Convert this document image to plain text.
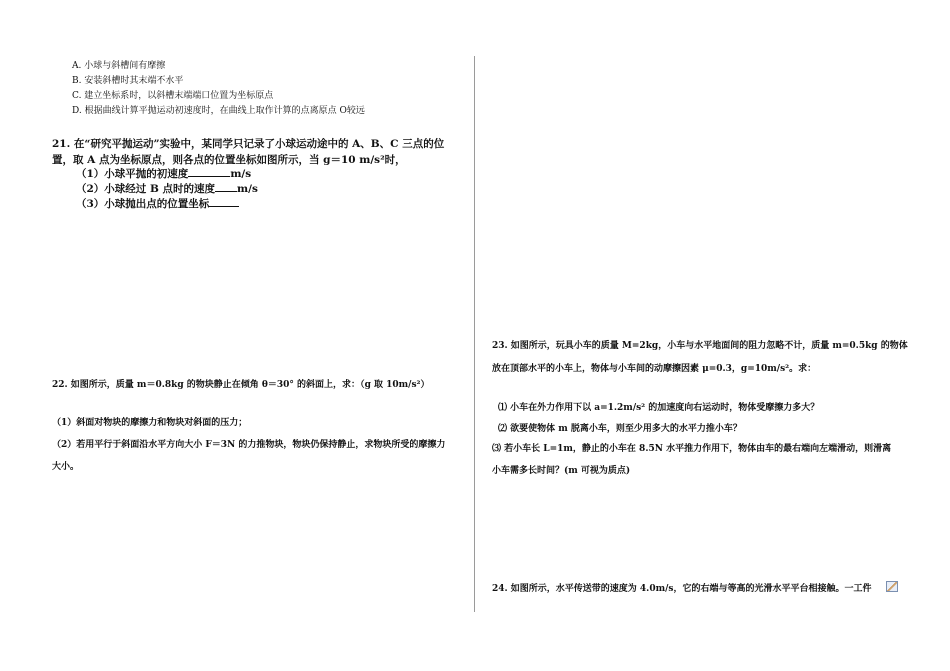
A. 小球与斜槽间有摩擦
B. 安装斜槽时其末端不水平
C. 建立坐标系时，以斜槽末端端口位置为坐标原点
D. 根据曲线计算平抛运动初速度时，在曲线上取作计算的点离原点 O较远
21. 在“研究平抛运动”实验中，某同学只记录了小球运动途中的 A、B、C 三点的位
置，取 A 点为坐标原点，则各点的位置坐标如图所示，当 g＝10 m/s²时，
（1）小球平抛的初速度	m/s
（2）小球经过 B 点时的速度 m/s
（3）小球抛出点的位置坐标
22. 如图所示，质量 m＝0.8kg 的物块静止在倾角 θ＝30° 的斜面上，求：（g 取 10m/s²）
（1）斜面对物块的摩擦力和物块对斜面的压力；
（2）若用平行于斜面沿水平方向大小 F＝3N 的力推物块，物块仍保持静止，求物块所受的摩擦力
大小。
23. 如图所示，玩具小车的质量 M=2kg，小车与水平地面间的阻力忽略不计，质量 m=0.5kg 的物体
放在顶部水平的小车上，物体与小车间的动摩擦因素 μ=0.3，g=10m/s²。求：
⑴ 小车在外力作用下以 a=1.2m/s² 的加速度向右运动时，物体受摩擦力多大？
⑵ 欲要使物体 m 脱离小车，则至少用多大的水平力推小车？
⑶ 若小车长 L=1m，静止的小车在 8.5N 水平推力作用下，物体由车的最右端向左端滑动，则滑离
小车需多长时间？(m 可视为质点)
24. 如图所示，水平传送带的速度为 4.0m/s，它的右端与等高的光滑水平平台相接触。一工件
